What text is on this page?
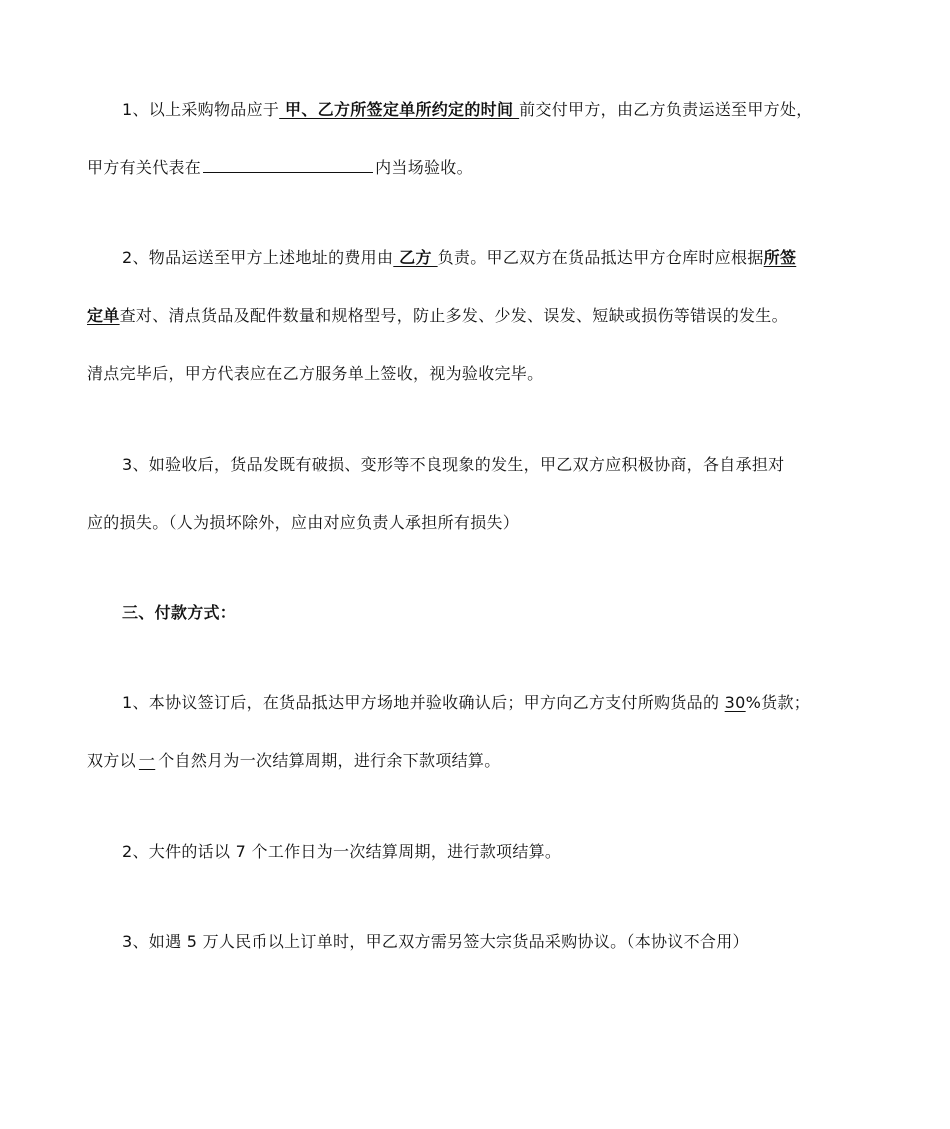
1、以上采购物品应于 甲、乙方所签定单所约定的时间 前交付甲方，由乙方负责运送至甲方处，
甲方有关代表在	内当场验收。
2、物品运送至甲方上述地址的费用由 乙方 负责。甲乙双方在货品抵达甲方仓库时应根据所签
定单查对、清点货品及配件数量和规格型号，防止多发、少发、误发、短缺或损伤等错误的发生。
清点完毕后，甲方代表应在乙方服务单上签收，视为验收完毕。
3、如验收后，货品发既有破损、变形等不良现象的发生，甲乙双方应积极协商，各自承担对
应的损失。（人为损坏除外，应由对应负责人承担所有损失）
三、付款方式：
1、本协议签订后，在货品抵达甲方场地并验收确认后；甲方向乙方支付所购货品的 30%货款；
双方以 一 个自然月为一次结算周期，进行余下款项结算。
2、大件的话以 7 个工作日为一次结算周期，进行款项结算。
3、如遇 5 万人民币以上订单时，甲乙双方需另签大宗货品采购协议。（本协议不合用）
